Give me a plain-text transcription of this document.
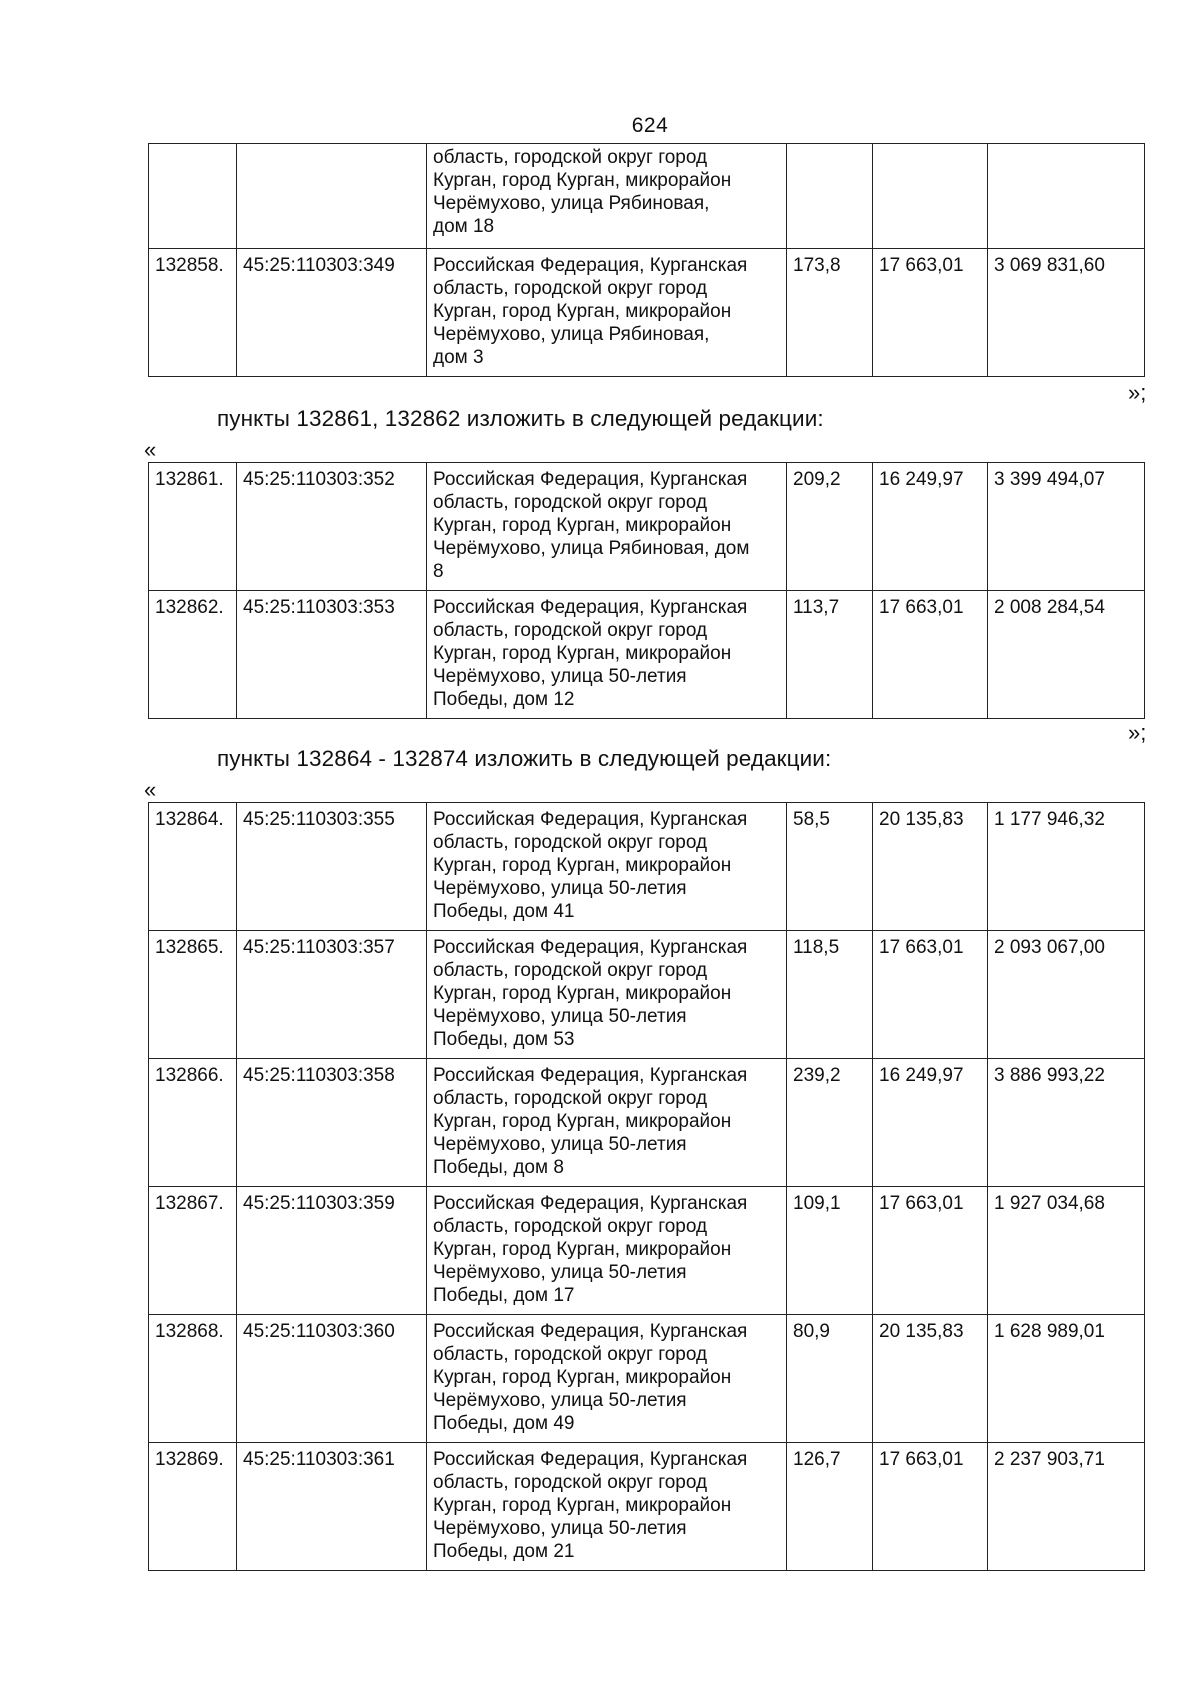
624
		область, городской округ город
Курган, город Курган, микрорайон
Черёмухово, улица Рябиновая,
дом 18			
132858.	45:25:110303:349	Российская Федерация, Курганская
область, городской округ город
Курган, город Курган, микрорайон
Черёмухово, улица Рябиновая,
дом 3	173,8	17 663,01	3 069 831,60
»;
пункты 132861, 132862 изложить в следующей редакции:
«
132861.	45:25:110303:352	Российская Федерация, Курганская
область, городской округ город
Курган, город Курган, микрорайон
Черёмухово, улица Рябиновая, дом
8	209,2	16 249,97	3 399 494,07
132862.	45:25:110303:353	Российская Федерация, Курганская
область, городской округ город
Курган, город Курган, микрорайон
Черёмухово, улица 50-летия
Победы, дом 12	113,7	17 663,01	2 008 284,54
»;
пункты 132864 - 132874 изложить в следующей редакции:
«
132864.	45:25:110303:355	Российская Федерация, Курганская
область, городской округ город
Курган, город Курган, микрорайон
Черёмухово, улица 50-летия
Победы, дом 41	58,5	20 135,83	1 177 946,32
132865.	45:25:110303:357	Российская Федерация, Курганская
область, городской округ город
Курган, город Курган, микрорайон
Черёмухово, улица 50-летия
Победы, дом 53	118,5	17 663,01	2 093 067,00
132866.	45:25:110303:358	Российская Федерация, Курганская
область, городской округ город
Курган, город Курган, микрорайон
Черёмухово, улица 50-летия
Победы, дом 8	239,2	16 249,97	3 886 993,22
132867.	45:25:110303:359	Российская Федерация, Курганская
область, городской округ город
Курган, город Курган, микрорайон
Черёмухово, улица 50-летия
Победы, дом 17	109,1	17 663,01	1 927 034,68
132868.	45:25:110303:360	Российская Федерация, Курганская
область, городской округ город
Курган, город Курган, микрорайон
Черёмухово, улица 50-летия
Победы, дом 49	80,9	20 135,83	1 628 989,01
132869.	45:25:110303:361	Российская Федерация, Курганская
область, городской округ город
Курган, город Курган, микрорайон
Черёмухово, улица 50-летия
Победы, дом 21	126,7	17 663,01	2 237 903,71
